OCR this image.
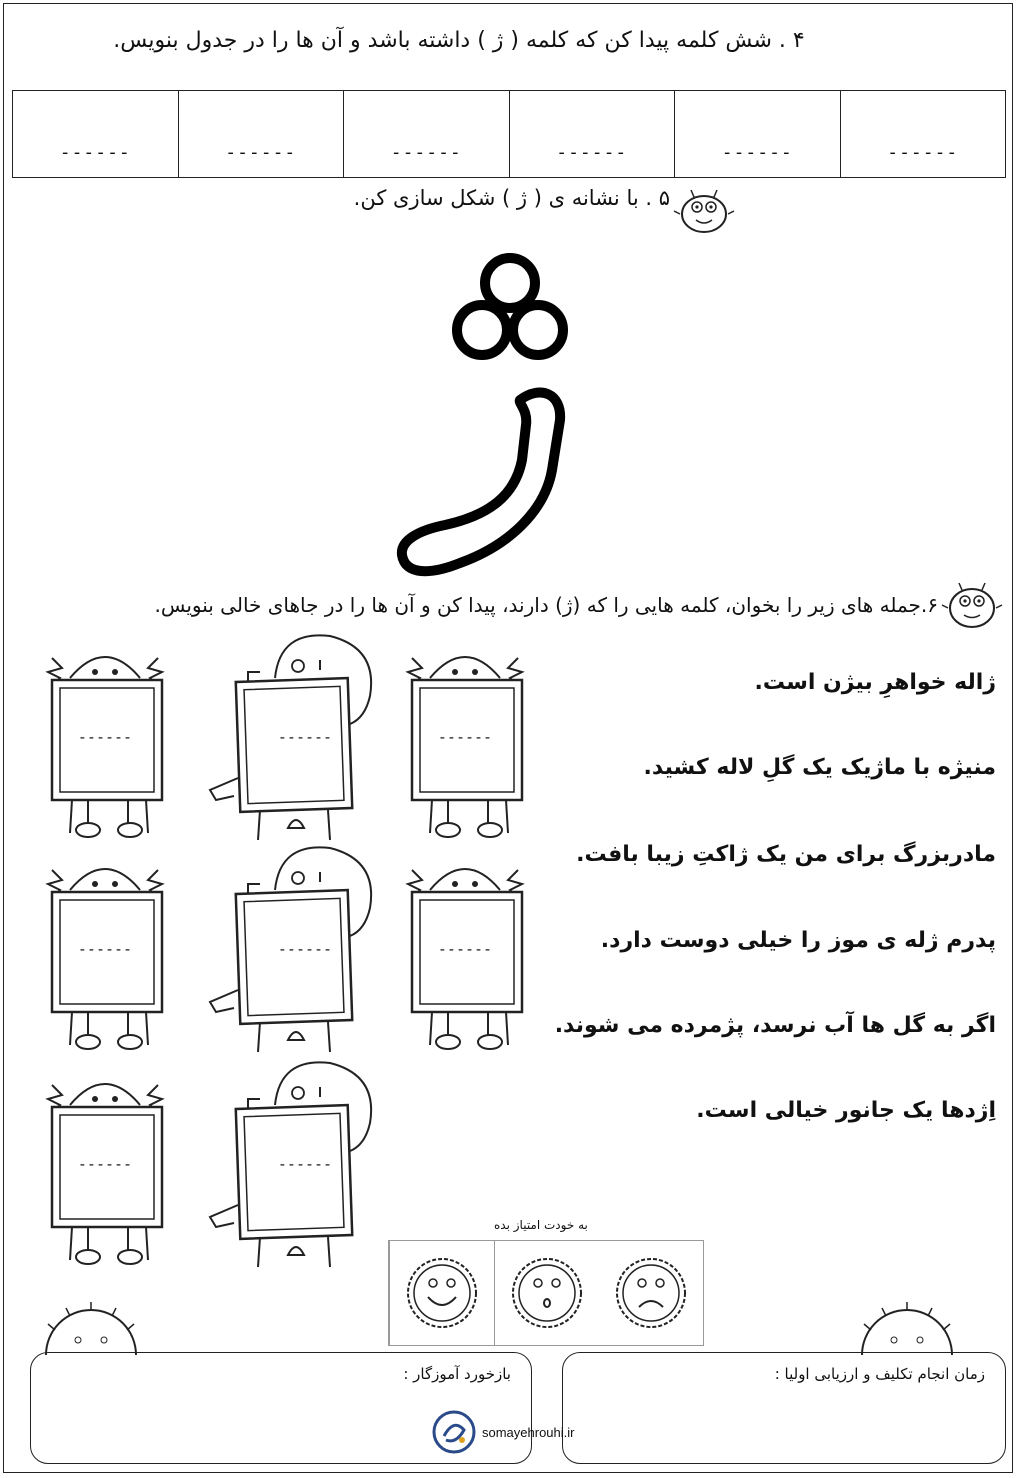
۴ . شش کلمه پیدا کن که کلمه ( ژ ) داشته باشد و آن ها را در جدول بنویس.
------
------
------
------
------
------
۵ . با نشانه ی ( ژ ) شکل سازی کن.
۶.جمله های زیر را بخوان، کلمه هایی را که (ژ) دارند، پیدا کن و آن ها را در جاهای خالی بنویس.
ژاله خواهرِ بیژن است.
منیژه با ماژیک یک گلِ لاله کشید.
مادربزرگ برای من یک ژاکتِ زیبا بافت.
پدرم ژله ی موز را خیلی دوست دارد.
اگر به گل ها آب نرسد، پژمرده می شوند.
اِژدها یک جانور خیالی است.
------
------
------
------
------
------
------
------
به خودت امتیاز بده
زمان انجام تکلیف و ارزیابی اولیا :
بازخورد آموزگار :
somayehrouhi.ir
